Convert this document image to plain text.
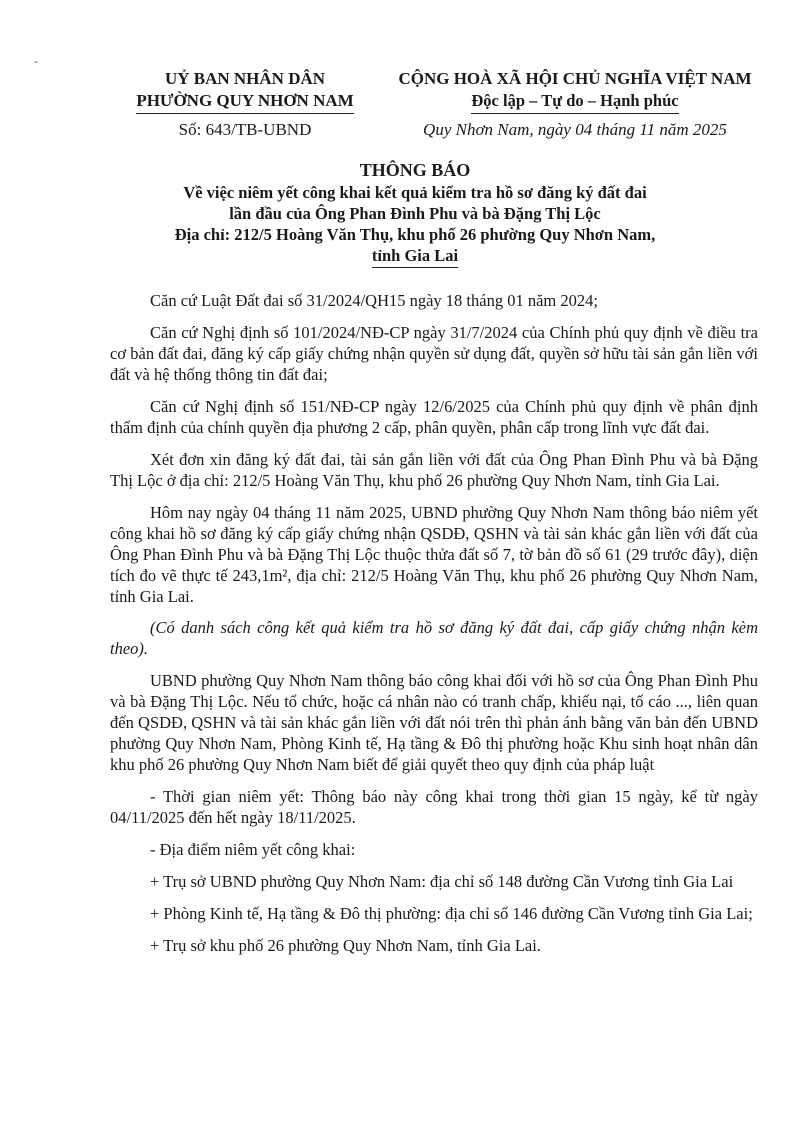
-
UỶ BAN NHÂN DÂN
PHƯỜNG QUY NHƠN NAM
CỘNG HOÀ XÃ HỘI CHỦ NGHĨA VIỆT NAM
Độc lập – Tự do – Hạnh phúc
Số: 643/TB-UBND	Quy Nhơn Nam, ngày 04 tháng 11 năm 2025
THÔNG BÁO
Về việc niêm yết công khai kết quả kiểm tra hồ sơ đăng ký đất đai
lần đầu của Ông Phan Đình Phu và bà Đặng Thị Lộc
Địa chỉ: 212/5 Hoàng Văn Thụ, khu phố 26 phường Quy Nhơn Nam,
tỉnh Gia Lai

Căn cứ Luật Đất đai số 31/2024/QH15 ngày 18 tháng 01 năm 2024;

Căn cứ Nghị định số 101/2024/NĐ-CP ngày 31/7/2024 của Chính phủ quy định về điều tra cơ bản đất đai, đăng ký cấp giấy chứng nhận quyền sử dụng đất, quyền sở hữu tài sản gắn liền với đất và hệ thống thông tin đất đai;

Căn cứ Nghị định số 151/NĐ-CP ngày 12/6/2025 của Chính phủ quy định về phân định thẩm định của chính quyền địa phương 2 cấp, phân quyền, phân cấp trong lĩnh vực đất đai.

Xét đơn xin đăng ký đất đai, tài sản gắn liền với đất của Ông Phan Đình Phu và bà Đặng Thị Lộc ở địa chỉ: 212/5 Hoàng Văn Thụ, khu phố 26 phường Quy Nhơn Nam, tỉnh Gia Lai.

Hôm nay ngày 04 tháng 11 năm 2025, UBND phường Quy Nhơn Nam thông báo niêm yết công khai hồ sơ đăng ký cấp giấy chứng nhận QSDĐ, QSHN và tài sản khác gắn liền với đất của Ông Phan Đình Phu và bà Đặng Thị Lộc thuộc thửa đất số 7, tờ bản đồ số 61 (29 trước đây), diện tích đo vẽ thực tế 243,1m², địa chỉ: 212/5 Hoàng Văn Thụ, khu phố 26 phường Quy Nhơn Nam, tỉnh Gia Lai.

(Có danh sách công kết quả kiểm tra hồ sơ đăng ký đất đai, cấp giấy chứng nhận kèm theo).

UBND phường Quy Nhơn Nam thông báo công khai đối với hồ sơ của Ông Phan Đình Phu và bà Đặng Thị Lộc. Nếu tổ chức, hoặc cá nhân nào có tranh chấp, khiếu nại, tố cáo ..., liên quan đến QSDĐ, QSHN và tài sản khác gắn liền với đất nói trên thì phản ánh bằng văn bản đến UBND phường Quy Nhơn Nam, Phòng Kinh tế, Hạ tầng & Đô thị phường hoặc Khu sinh hoạt nhân dân khu phố 26 phường Quy Nhơn Nam biết để giải quyết theo quy định của pháp luật

- Thời gian niêm yết: Thông báo này công khai trong thời gian 15 ngày, kể từ ngày 04/11/2025 đến hết ngày 18/11/2025.

- Địa điểm niêm yết công khai:

+ Trụ sở UBND phường Quy Nhơn Nam: địa chỉ số 148 đường Cần Vương tỉnh Gia Lai

+ Phòng Kinh tế, Hạ tầng & Đô thị phường: địa chỉ số 146 đường Cần Vương tỉnh Gia Lai;

+ Trụ sở khu phố 26 phường Quy Nhơn Nam, tỉnh Gia Lai.
